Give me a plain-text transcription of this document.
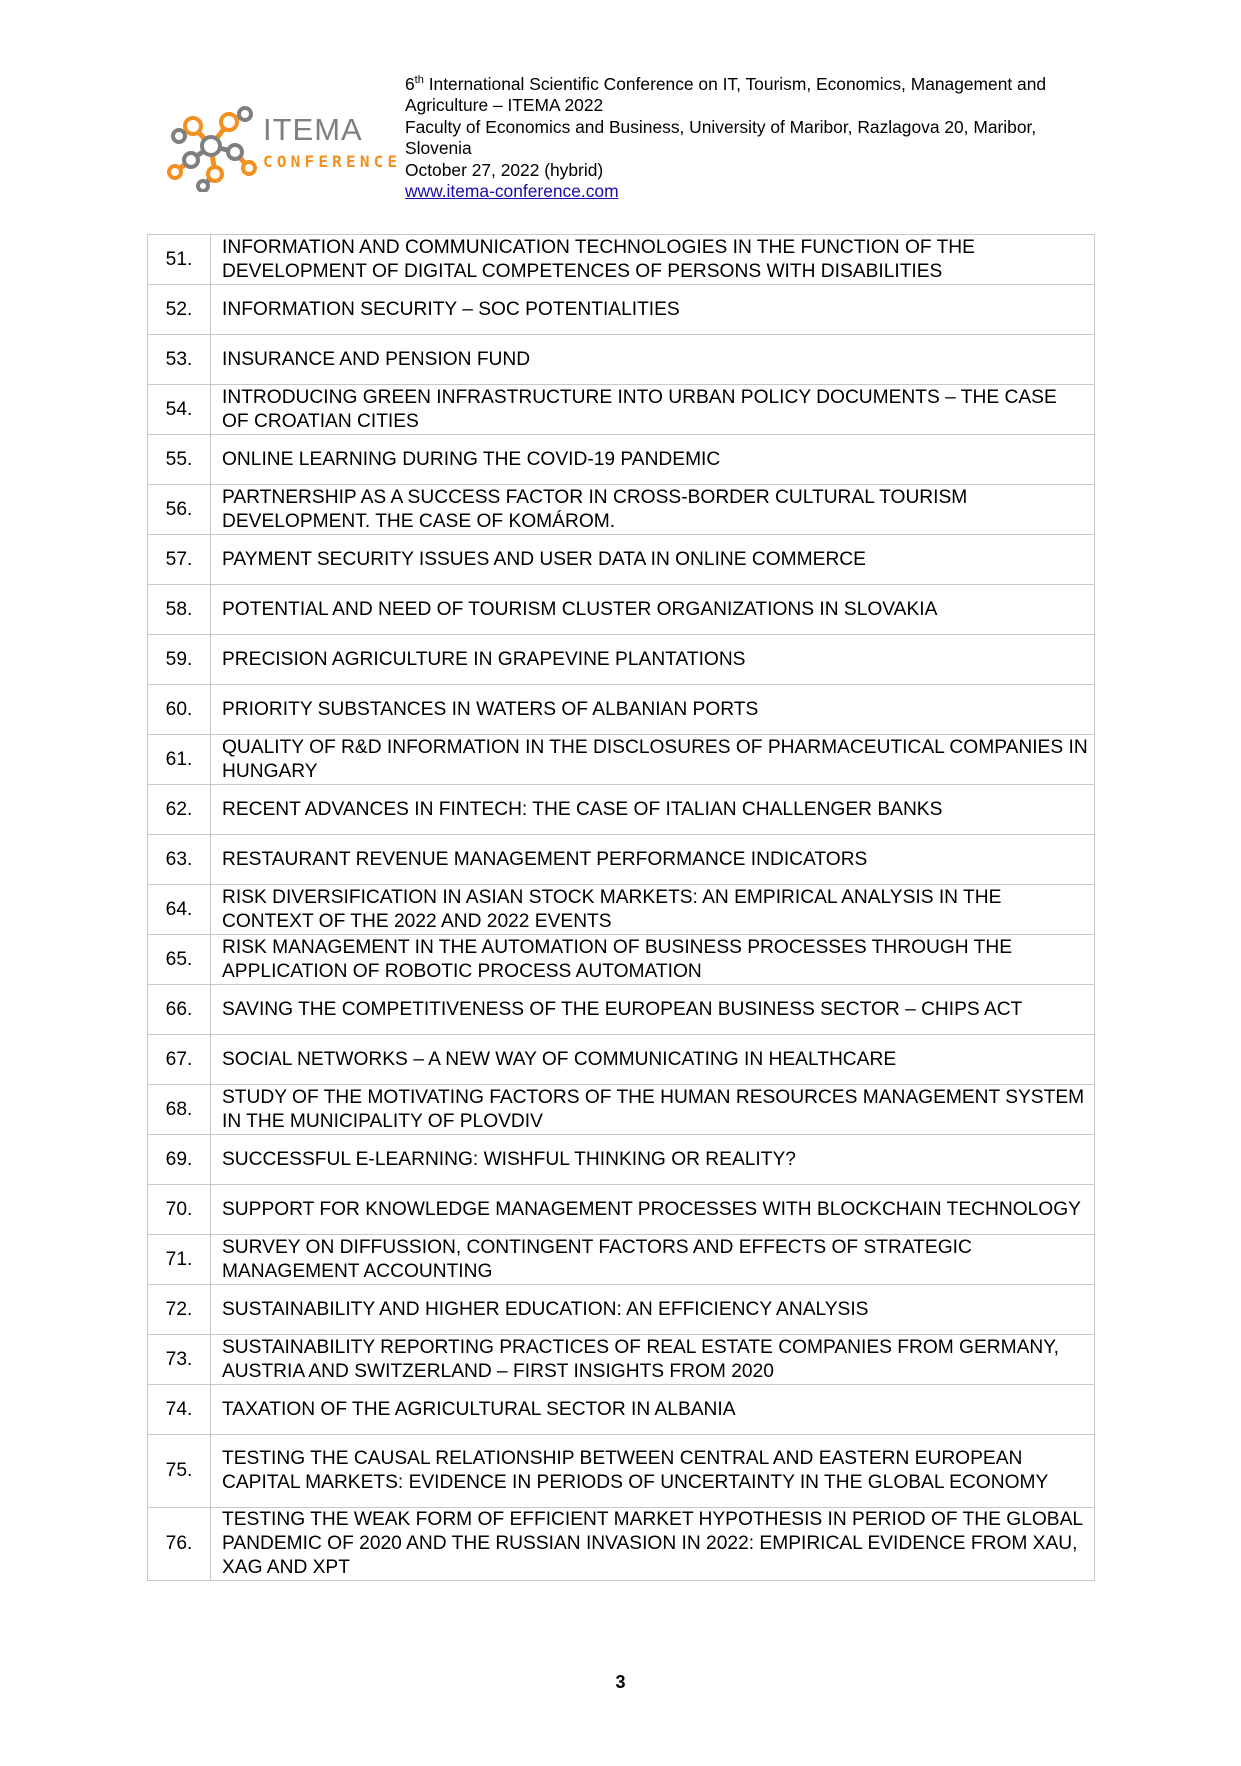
ITEMA
CONFERENCE
6th International Scientific Conference on IT, Tourism, Economics, Management and Agriculture – ITEMA 2022
Faculty of Economics and Business, University of Maribor, Razlagova 20, Maribor, Slovenia
October 27, 2022 (hybrid)
www.itema-conference.com
51.	INFORMATION AND COMMUNICATION TECHNOLOGIES IN THE FUNCTION OF THE DEVELOPMENT OF DIGITAL COMPETENCES OF PERSONS WITH DISABILITIES
52.	INFORMATION SECURITY – SOC POTENTIALITIES
53.	INSURANCE AND PENSION FUND
54.	INTRODUCING GREEN INFRASTRUCTURE INTO URBAN POLICY DOCUMENTS – THE CASE OF CROATIAN CITIES
55.	ONLINE LEARNING DURING THE COVID-19 PANDEMIC
56.	PARTNERSHIP AS A SUCCESS FACTOR IN CROSS-BORDER CULTURAL TOURISM DEVELOPMENT. THE CASE OF KOMÁROM.
57.	PAYMENT SECURITY ISSUES AND USER DATA IN ONLINE COMMERCE
58.	POTENTIAL AND NEED OF TOURISM CLUSTER ORGANIZATIONS IN SLOVAKIA
59.	PRECISION AGRICULTURE IN GRAPEVINE PLANTATIONS
60.	PRIORITY SUBSTANCES IN WATERS OF ALBANIAN PORTS
61.	QUALITY OF R&D INFORMATION IN THE DISCLOSURES OF PHARMACEUTICAL COMPANIES IN HUNGARY
62.	RECENT ADVANCES IN FINTECH: THE CASE OF ITALIAN CHALLENGER BANKS
63.	RESTAURANT REVENUE MANAGEMENT PERFORMANCE INDICATORS
64.	RISK DIVERSIFICATION IN ASIAN STOCK MARKETS: AN EMPIRICAL ANALYSIS IN THE CONTEXT OF THE 2022 AND 2022 EVENTS
65.	RISK MANAGEMENT IN THE AUTOMATION OF BUSINESS PROCESSES THROUGH THE APPLICATION OF ROBOTIC PROCESS AUTOMATION
66.	SAVING THE COMPETITIVENESS OF THE EUROPEAN BUSINESS SECTOR – CHIPS ACT
67.	SOCIAL NETWORKS – A NEW WAY OF COMMUNICATING IN HEALTHCARE
68.	STUDY OF THE MOTIVATING FACTORS OF THE HUMAN RESOURCES MANAGEMENT SYSTEM IN THE MUNICIPALITY OF PLOVDIV
69.	SUCCESSFUL E-LEARNING: WISHFUL THINKING OR REALITY?
70.	SUPPORT FOR KNOWLEDGE MANAGEMENT PROCESSES WITH BLOCKCHAIN TECHNOLOGY
71.	SURVEY ON DIFFUSSION, CONTINGENT FACTORS AND EFFECTS OF STRATEGIC MANAGEMENT ACCOUNTING
72.	SUSTAINABILITY AND HIGHER EDUCATION: AN EFFICIENCY ANALYSIS
73.	SUSTAINABILITY REPORTING PRACTICES OF REAL ESTATE COMPANIES FROM GERMANY, AUSTRIA AND SWITZERLAND – FIRST INSIGHTS FROM 2020
74.	TAXATION OF THE AGRICULTURAL SECTOR IN ALBANIA
75.	TESTING THE CAUSAL RELATIONSHIP BETWEEN CENTRAL AND EASTERN EUROPEAN CAPITAL MARKETS: EVIDENCE IN PERIODS OF UNCERTAINTY IN THE GLOBAL ECONOMY
76.	TESTING THE WEAK FORM OF EFFICIENT MARKET HYPOTHESIS IN PERIOD OF THE GLOBAL PANDEMIC OF 2020 AND THE RUSSIAN INVASION IN 2022: EMPIRICAL EVIDENCE FROM XAU, XAG AND XPT
3
